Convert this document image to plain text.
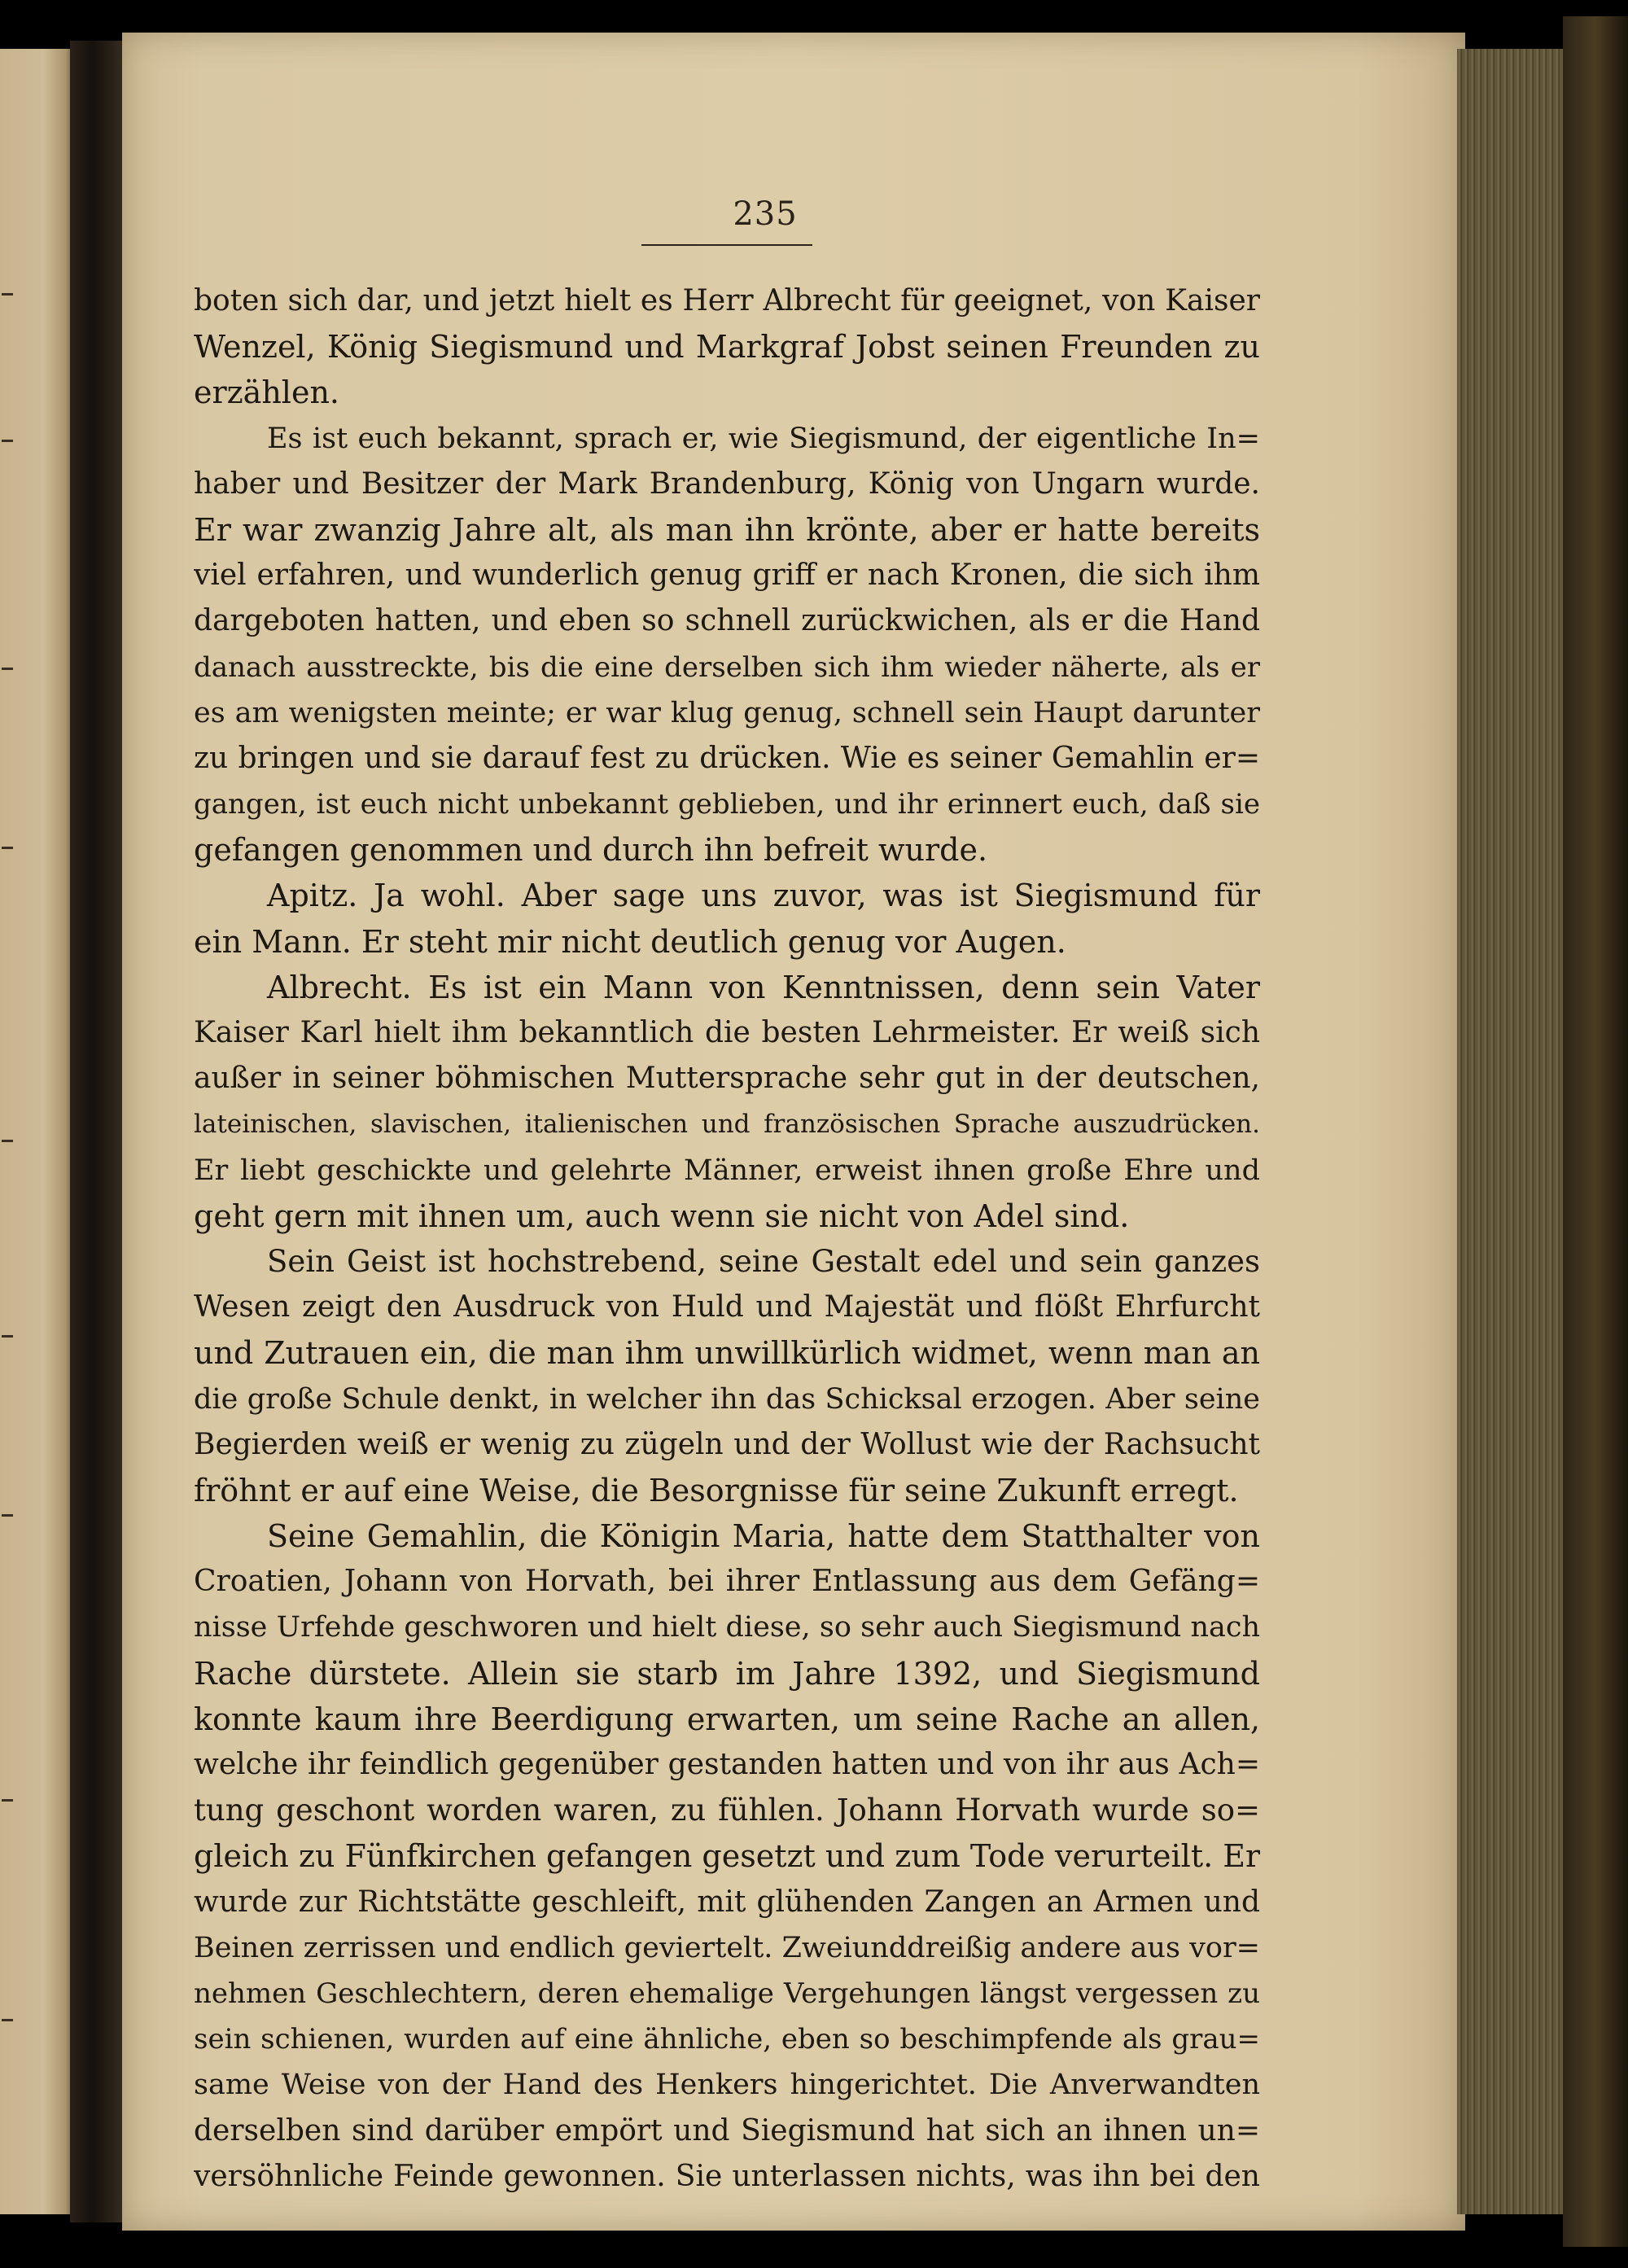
235
boten sich dar, und jetzt hielt es Herr Albrecht für geeignet, von Kaiser
Wenzel, König Siegismund und Markgraf Jobst seinen Freunden zu
erzählen.
Es ist euch bekannt, sprach er, wie Siegismund, der eigentliche In=
haber und Besitzer der Mark Brandenburg, König von Ungarn wurde.
Er war zwanzig Jahre alt, als man ihn krönte, aber er hatte bereits
viel erfahren, und wunderlich genug griff er nach Kronen, die sich ihm
dargeboten hatten, und eben so schnell zurückwichen, als er die Hand
danach ausstreckte, bis die eine derselben sich ihm wieder näherte, als er
es am wenigsten meinte; er war klug genug, schnell sein Haupt darunter
zu bringen und sie darauf fest zu drücken. Wie es seiner Gemahlin er=
gangen, ist euch nicht unbekannt geblieben, und ihr erinnert euch, daß sie
gefangen genommen und durch ihn befreit wurde.
Apitz. Ja wohl. Aber sage uns zuvor, was ist Siegismund für
ein Mann. Er steht mir nicht deutlich genug vor Augen.
Albrecht. Es ist ein Mann von Kenntnissen, denn sein Vater
Kaiser Karl hielt ihm bekanntlich die besten Lehrmeister. Er weiß sich
außer in seiner böhmischen Muttersprache sehr gut in der deutschen,
lateinischen, slavischen, italienischen und französischen Sprache auszudrücken.
Er liebt geschickte und gelehrte Männer, erweist ihnen große Ehre und
geht gern mit ihnen um, auch wenn sie nicht von Adel sind.
Sein Geist ist hochstrebend, seine Gestalt edel und sein ganzes
Wesen zeigt den Ausdruck von Huld und Majestät und flößt Ehrfurcht
und Zutrauen ein, die man ihm unwillkürlich widmet, wenn man an
die große Schule denkt, in welcher ihn das Schicksal erzogen. Aber seine
Begierden weiß er wenig zu zügeln und der Wollust wie der Rachsucht
fröhnt er auf eine Weise, die Besorgnisse für seine Zukunft erregt.
Seine Gemahlin, die Königin Maria, hatte dem Statthalter von
Croatien, Johann von Horvath, bei ihrer Entlassung aus dem Gefäng=
nisse Urfehde geschworen und hielt diese, so sehr auch Siegismund nach
Rache dürstete. Allein sie starb im Jahre 1392, und Siegismund
konnte kaum ihre Beerdigung erwarten, um seine Rache an allen,
welche ihr feindlich gegenüber gestanden hatten und von ihr aus Ach=
tung geschont worden waren, zu fühlen. Johann Horvath wurde so=
gleich zu Fünfkirchen gefangen gesetzt und zum Tode verurteilt. Er
wurde zur Richtstätte geschleift, mit glühenden Zangen an Armen und
Beinen zerrissen und endlich geviertelt. Zweiunddreißig andere aus vor=
nehmen Geschlechtern, deren ehemalige Vergehungen längst vergessen zu
sein schienen, wurden auf eine ähnliche, eben so beschimpfende als grau=
same Weise von der Hand des Henkers hingerichtet. Die Anverwandten
derselben sind darüber empört und Siegismund hat sich an ihnen un=
versöhnliche Feinde gewonnen. Sie unterlassen nichts, was ihn bei den
